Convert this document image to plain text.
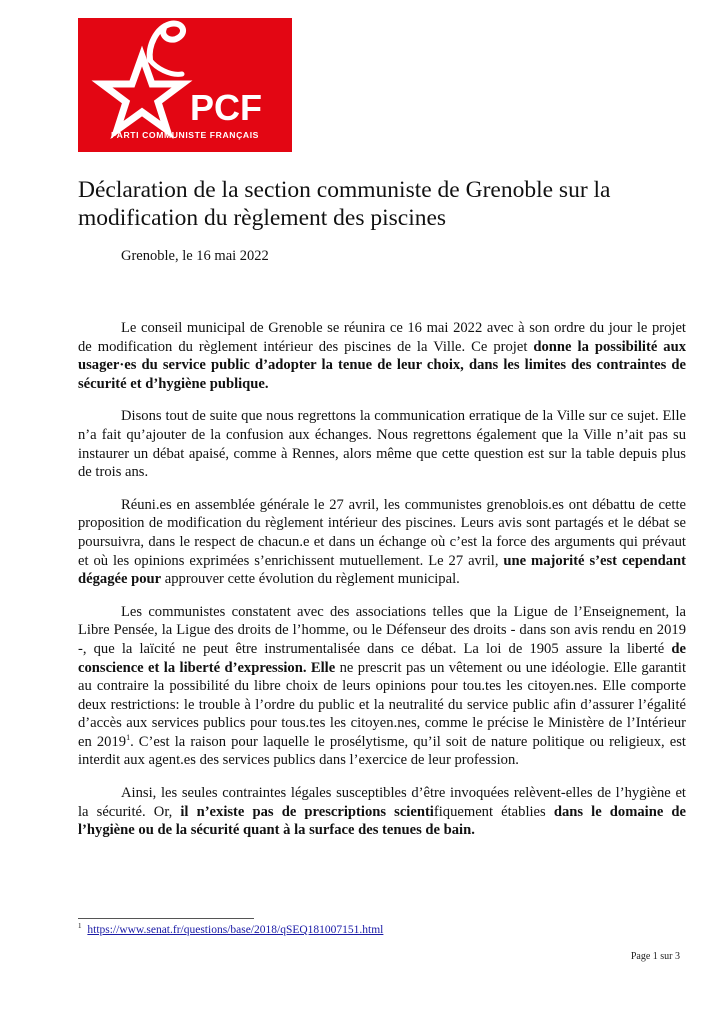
PCF
PARTI COMMUNISTE FRANÇAIS
Déclaration de la section communiste de Grenoble sur la modification du règlement des piscines
Grenoble, le 16 mai 2022

Le conseil municipal de Grenoble se réunira ce 16 mai 2022 avec à son ordre du jour le projet de modification du règlement intérieur des piscines de la Ville. Ce projet donne la possibilité aux usager·es du service public d’adopter la tenue de leur choix, dans les limites des contraintes de sécurité et d’hygiène publique.

Disons tout de suite que nous regrettons la communication erratique de la Ville sur ce sujet. Elle n’a fait qu’ajouter de la confusion aux échanges. Nous regrettons également que la Ville n’ait pas su instaurer un débat apaisé, comme à Rennes, alors même que cette question est sur la table depuis plus de trois ans.

Réuni.es en assemblée générale le 27 avril, les communistes grenoblois.es ont débattu de cette proposition de modification du règlement intérieur des piscines. Leurs avis sont partagés et le débat se poursuivra, dans le respect de chacun.e et dans un échange où c’est la force des arguments qui prévaut et où les opinions exprimées s’enrichissent mutuellement. Le 27 avril, une majorité s’est cependant dégagée pour approuver cette évolution du règlement municipal.

Les communistes constatent avec des associations telles que la Ligue de l’Enseignement, la Libre Pensée, la Ligue des droits de l’homme, ou le Défenseur des droits - dans son avis rendu en 2019 -, que la laïcité ne peut être instrumentalisée dans ce débat. La loi de 1905 assure la liberté de conscience et la liberté d’expression. Elle ne prescrit pas un vêtement ou une idéologie. Elle garantit au contraire la possibilité du libre choix de leurs opinions pour tou.tes les citoyen.nes. Elle comporte deux restrictions: le trouble à l’ordre du public et la neutralité du service public afin d’assurer l’égalité d’accès aux services publics pour tous.tes les citoyen.nes, comme le précise le Ministère de l’Intérieur en 2019$^1$. C’est la raison pour laquelle le prosélytisme, qu’il soit de nature politique ou religieux, est interdit aux agent.es des services publics dans l’exercice de leur profession.

Ainsi, les seules contraintes légales susceptibles d’être invoquées relèvent-elles de l’hygiène et la sécurité. Or, il n’existe pas de prescriptions scientifiquement établies dans le domaine de l’hygiène ou de la sécurité quant à la surface des tenues de bain.

$^1$ https://www.senat.fr/questions/base/2018/qSEQ181007151.html
Page 1 sur 3
